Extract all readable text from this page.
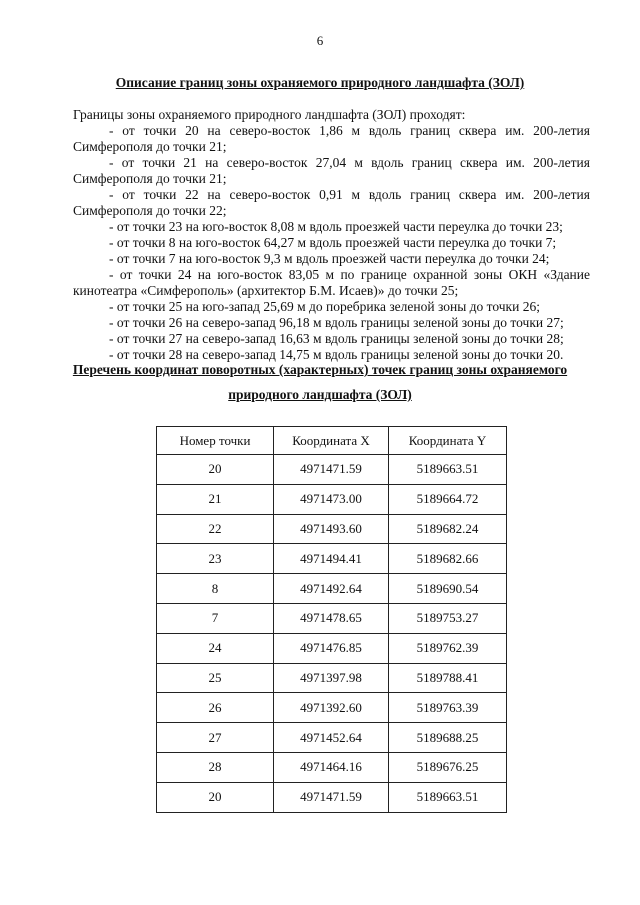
6
Описание границ зоны охраняемого природного ландшафта (ЗОЛ)
Границы зоны охраняемого природного ландшафта (ЗОЛ) проходят:
- от точки 20 на северо-восток 1,86 м вдоль границ сквера им. 200-летия Симферополя до точки 21;
- от точки 21 на северо-восток 27,04 м вдоль границ сквера им. 200-летия Симферополя до точки 21;
- от точки 22 на северо-восток 0,91 м вдоль границ сквера им. 200-летия Симферополя до точки 22;
- от точки 23 на юго-восток 8,08 м вдоль проезжей части переулка до точки 23;
- от точки 8 на юго-восток 64,27 м вдоль проезжей части переулка до точки 7;
- от точки 7 на юго-восток 9,3 м вдоль проезжей части переулка до точки 24;
- от точки 24 на юго-восток 83,05 м по границе охранной зоны ОКН «Здание кинотеатра «Симферополь» (архитектор Б.М. Исаев)» до точки 25;
- от точки 25 на юго-запад 25,69 м до поребрика зеленой зоны до точки 26;
- от точки 26 на северо-запад 96,18 м вдоль границы зеленой зоны до точки 27;
- от точки 27 на северо-запад 16,63 м вдоль границы зеленой зоны до точки 28;
- от точки 28 на северо-запад 14,75 м вдоль границы зеленой зоны до точки 20.
Перечень координат поворотных (характерных) точек границ зоны охраняемого
природного ландшафта (ЗОЛ)
Номер точки	Координата X	Координата Y
20	4971471.59	5189663.51
21	4971473.00	5189664.72
22	4971493.60	5189682.24
23	4971494.41	5189682.66
8	4971492.64	5189690.54
7	4971478.65	5189753.27
24	4971476.85	5189762.39
25	4971397.98	5189788.41
26	4971392.60	5189763.39
27	4971452.64	5189688.25
28	4971464.16	5189676.25
20	4971471.59	5189663.51
